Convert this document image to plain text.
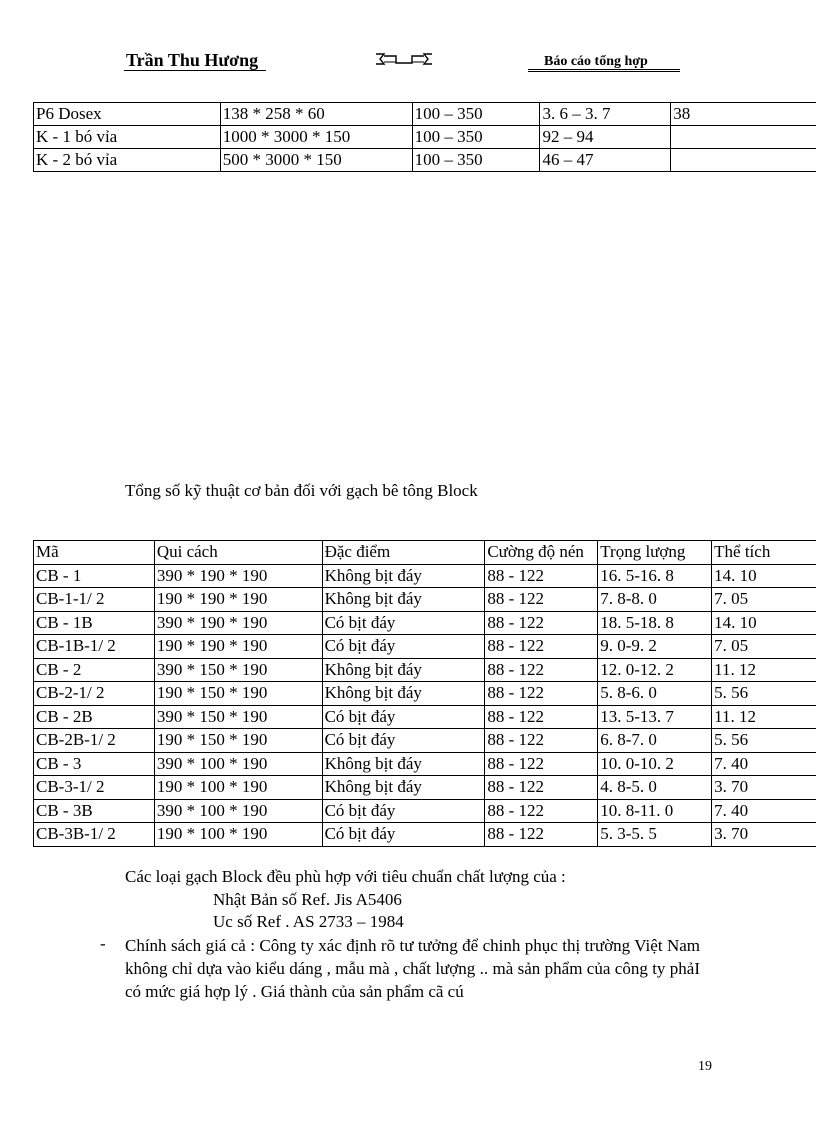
Trần Thu Hương	Báo cáo tổng hợp
P6 Dosex	138 * 258 * 60	100 – 350	3. 6 – 3. 7	38
K - 1 bó vỉa	1000 * 3000 * 150	100 – 350	92 – 94	
K - 2 bó vỉa	500 * 3000 * 150	100 – 350	46 – 47	
Tổng số kỹ thuật cơ bản đối với gạch bê tông Block
Mã	Qui cách	Đặc điểm	Cường độ nén	Trọng lượng	Thể tích
CB - 1	390 * 190 * 190	Không bịt đáy	88 - 122	16. 5-16. 8	14. 10
CB-1-1/ 2	190 * 190 * 190	Không bịt đáy	88 - 122	7. 8-8. 0	7. 05
CB - 1B	390 * 190 * 190	Có bịt đáy	88 - 122	18. 5-18. 8	14. 10
CB-1B-1/ 2	190 * 190 * 190	Có bịt đáy	88 - 122	9. 0-9. 2	7. 05
CB - 2	390 * 150 * 190	Không bịt đáy	88 - 122	12. 0-12. 2	11. 12
CB-2-1/ 2	190 * 150 * 190	Không bịt đáy	88 - 122	5. 8-6. 0	5. 56
CB - 2B	390 * 150 * 190	Có bịt đáy	88 - 122	13. 5-13. 7	11. 12
CB-2B-1/ 2	190 * 150 * 190	Có bịt đáy	88 - 122	6. 8-7. 0	5. 56
CB - 3	390 * 100 * 190	Không bịt đáy	88 - 122	10. 0-10. 2	7. 40
CB-3-1/ 2	190 * 100 * 190	Không bịt đáy	88 - 122	4. 8-5. 0	3. 70
CB - 3B	390 * 100 * 190	Có bịt đáy	88 - 122	10. 8-11. 0	7. 40
CB-3B-1/ 2	190 * 100 * 190	Có bịt đáy	88 - 122	5. 3-5. 5	3. 70
Các loại gạch Block đều phù hợp với tiêu chuẩn chất lượng của :
Nhật Bản số Ref. Jis A5406
Uc số Ref . AS 2733 – 1984
- Chính sách giá cả : Công ty xác định rõ tư tưởng để chinh phục thị trường Việt Nam không chỉ dựa vào kiểu dáng , mẫu mà , chất lượng .. mà sản phẩm của công ty phảI có mức giá hợp lý . Giá thành của sản phẩm cã cú
19
